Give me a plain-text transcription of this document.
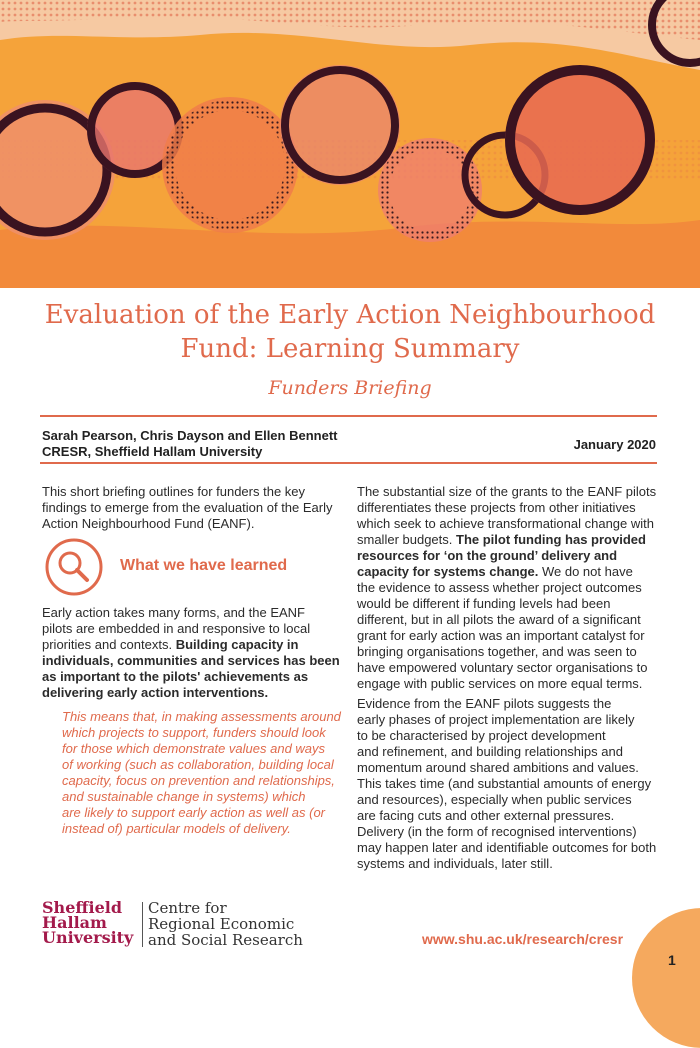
Evaluation of the Early Action Neighbourhood
Fund: Learning Summary
Funders Briefing
Sarah Pearson, Chris Dayson and Ellen Bennett
CRESR, Sheffield Hallam University	January 2020
This short briefing outlines for funders the key
findings to emerge from the evaluation of the Early
Action Neighbourhood Fund (EANF).
What we have learned
Early action takes many forms, and the EANF
pilots are embedded in and responsive to local
priorities and contexts. Building capacity in
individuals, communities and services has been
as important to the pilots' achievements as
delivering early action interventions.
This means that, in making assessments around
which projects to support, funders should look
for those which demonstrate values and ways
of working (such as collaboration, building local
capacity, focus on prevention and relationships,
and sustainable change in systems) which
are likely to support early action as well as (or
instead of) particular models of delivery.
The substantial size of the grants to the EANF pilots
differentiates these projects from other initiatives
which seek to achieve transformational change with
smaller budgets. The pilot funding has provided
resources for ‘on the ground’ delivery and
capacity for systems change. We do not have
the evidence to assess whether project outcomes
would be different if funding levels had been
different, but in all pilots the award of a significant
grant for early action was an important catalyst for
bringing organisations together, and was seen to
have empowered voluntary sector organisations to
engage with public services on more equal terms.
Evidence from the EANF pilots suggests the
early phases of project implementation are likely
to be characterised by project development
and refinement, and building relationships and
momentum around shared ambitions and values.
This takes time (and substantial amounts of energy
and resources), especially when public services
are facing cuts and other external pressures.
Delivery (in the form of recognised interventions)
may happen later and identifiable outcomes for both
systems and individuals, later still.
Sheffield
Hallam
University
Centre for
Regional Economic
and Social Research	www.shu.ac.uk/research/cresr
1
